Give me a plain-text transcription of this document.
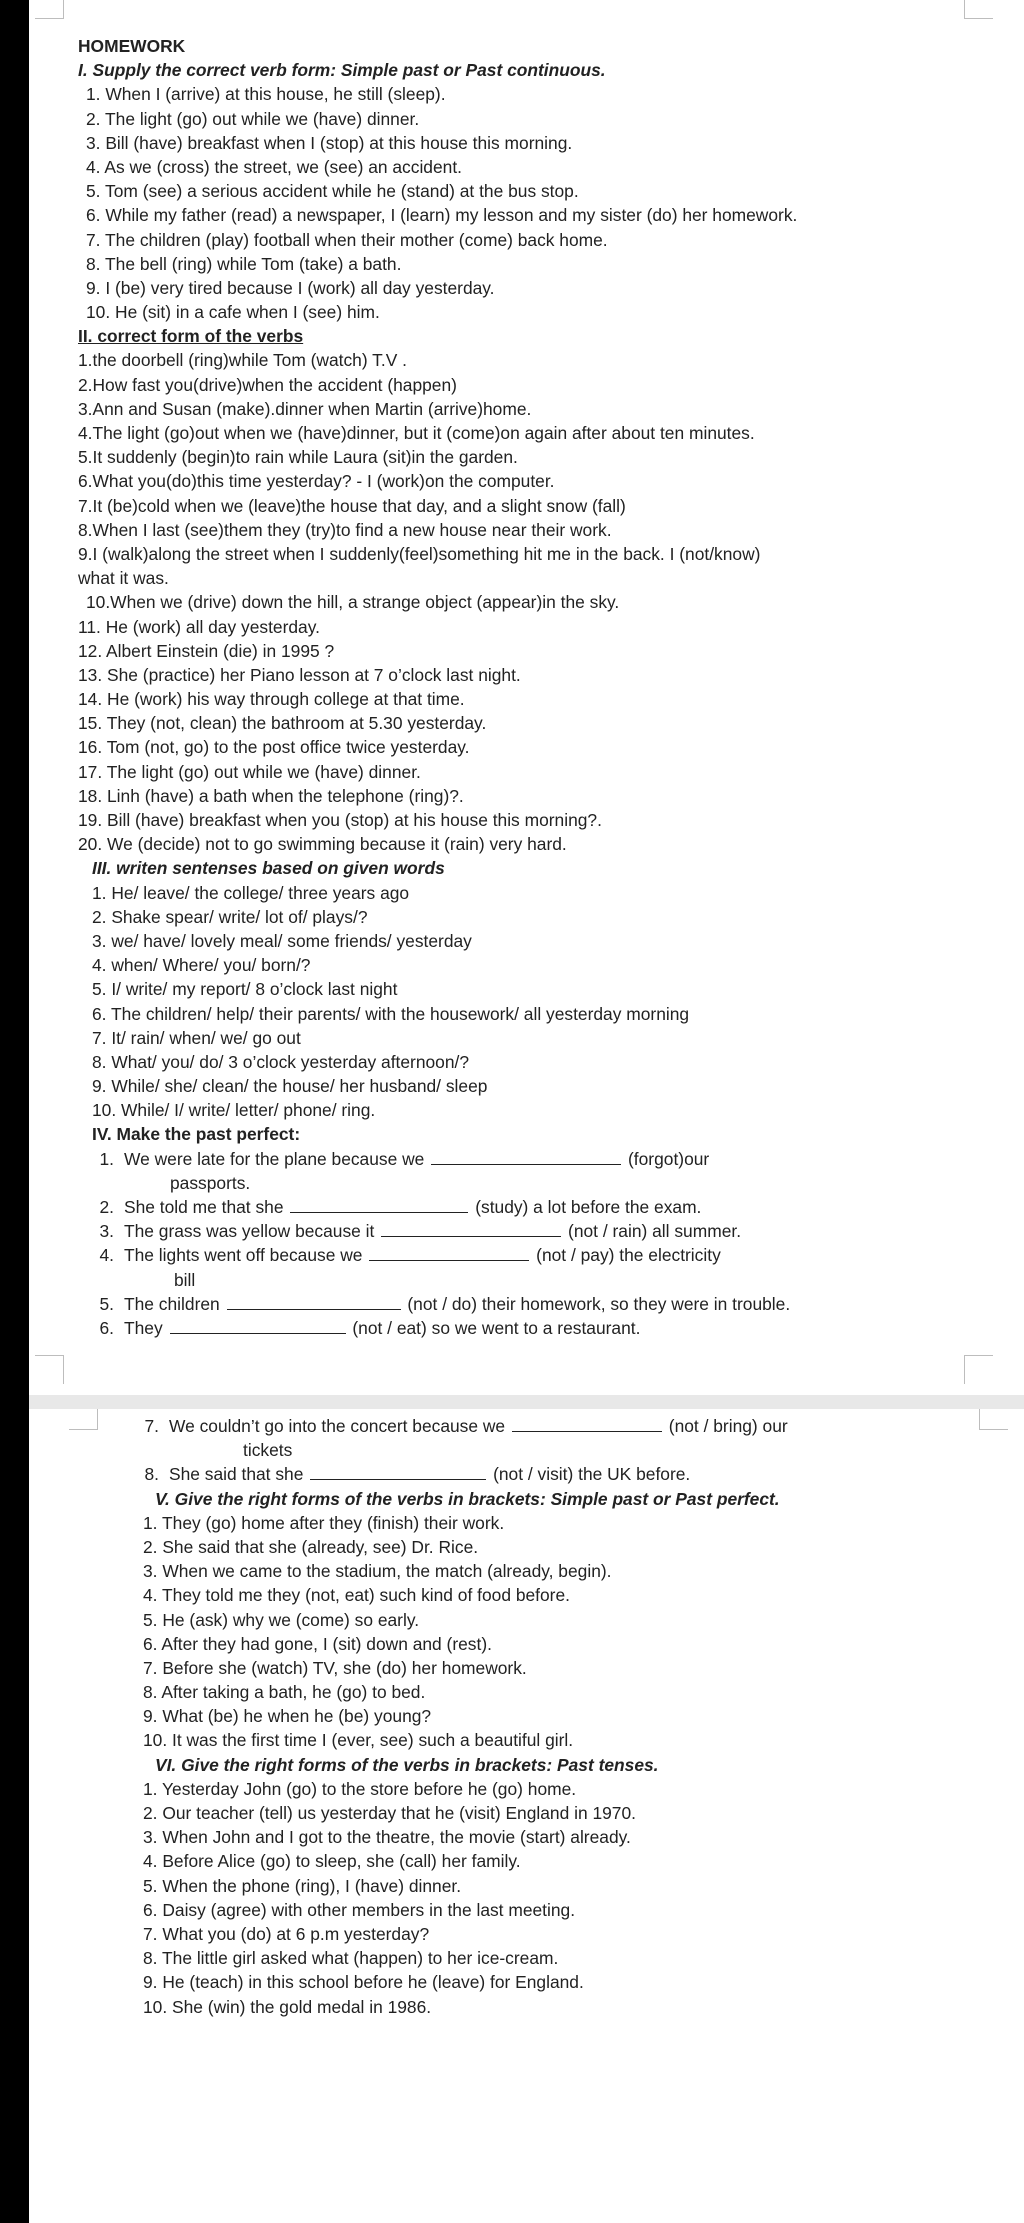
HOMEWORK
I. Supply the correct verb form: Simple past or Past continuous.
1. When I (arrive) at this house, he still (sleep).
2. The light (go) out while we (have) dinner.
3. Bill (have) breakfast when I (stop) at this house this morning.
4. As we (cross) the street, we (see) an accident.
5. Tom (see) a serious accident while he (stand) at the bus stop.
6. While my father (read) a newspaper, I (learn) my lesson and my sister (do) her homework.
7. The children (play) football when their mother (come) back home.
8. The bell (ring) while Tom (take) a bath.
9. I (be) very tired because I (work) all day yesterday.
10. He (sit) in a cafe when I (see) him.
II. correct form of the verbs
1.the doorbell (ring)while Tom (watch) T.V .
2.How fast you(drive)when the accident (happen)
3.Ann and Susan (make).dinner when Martin (arrive)home.
4.The light (go)out when we (have)dinner, but it (come)on again after about ten minutes.
5.It suddenly (begin)to rain while Laura (sit)in the garden.
6.What you(do)this time yesterday? - I (work)on the computer.
7.It (be)cold when we (leave)the house that day, and a slight snow (fall)
8.When I last (see)them they (try)to find a new house near their work.
9.I (walk)along the street when I suddenly(feel)something hit me in the back. I (not/know)
what it was.
10.When we (drive) down the hill, a strange object (appear)in the sky.
11. He (work) all day yesterday.
12. Albert Einstein (die) in 1995 ?
13. She (practice) her Piano lesson at 7 o’clock last night.
14. He (work) his way through college at that time.
15. They (not, clean) the bathroom at 5.30 yesterday.
16. Tom (not, go) to the post office twice yesterday.
17. The light (go) out while we (have) dinner.
18. Linh (have) a bath when the telephone (ring)?.
19. Bill (have) breakfast when you (stop) at his house this morning?.
20. We (decide) not to go swimming because it (rain) very hard.
III. writen sentenses based on given words
1. He/ leave/ the college/ three years ago
2. Shake spear/ write/ lot of/ plays/?
3. we/ have/ lovely meal/ some friends/ yesterday
4. when/ Where/ you/ born/?
5. I/ write/ my report/ 8 o’clock last night
6. The children/ help/ their parents/ with the housework/ all yesterday morning
7. It/ rain/ when/ we/ go out
8. What/ you/ do/ 3 o’clock yesterday afternoon/?
9. While/ she/ clean/ the house/ her husband/ sleep
10. While/ I/ write/ letter/ phone/ ring.
IV. Make the past perfect:
1. We were late for the plane because we	(forgot)our
passports.
2. She told me that she	(study) a lot before the exam.
3. The grass was yellow because it	(not / rain) all summer.
4. The lights went off because we	(not / pay) the electricity
bill
5. The children	(not / do) their homework, so they were in trouble.
6. They	(not / eat) so we went to a restaurant.
7. We couldn’t go into the concert because we	(not / bring) our
tickets
8. She said that she	(not / visit) the UK before.
V. Give the right forms of the verbs in brackets: Simple past or Past perfect.
1. They (go) home after they (finish) their work.
2. She said that she (already, see) Dr. Rice.
3. When we came to the stadium, the match (already, begin).
4. They told me they (not, eat) such kind of food before.
5. He (ask) why we (come) so early.
6. After they had gone, I (sit) down and (rest).
7. Before she (watch) TV, she (do) her homework.
8. After taking a bath, he (go) to bed.
9. What (be) he when he (be) young?
10. It was the first time I (ever, see) such a beautiful girl.
VI. Give the right forms of the verbs in brackets: Past tenses.
1. Yesterday John (go) to the store before he (go) home.
2. Our teacher (tell) us yesterday that he (visit) England in 1970.
3. When John and I got to the theatre, the movie (start) already.
4. Before Alice (go) to sleep, she (call) her family.
5. When the phone (ring), I (have) dinner.
6. Daisy (agree) with other members in the last meeting.
7. What you (do) at 6 p.m yesterday?
8. The little girl asked what (happen) to her ice-cream.
9. He (teach) in this school before he (leave) for England.
10. She (win) the gold medal in 1986.
